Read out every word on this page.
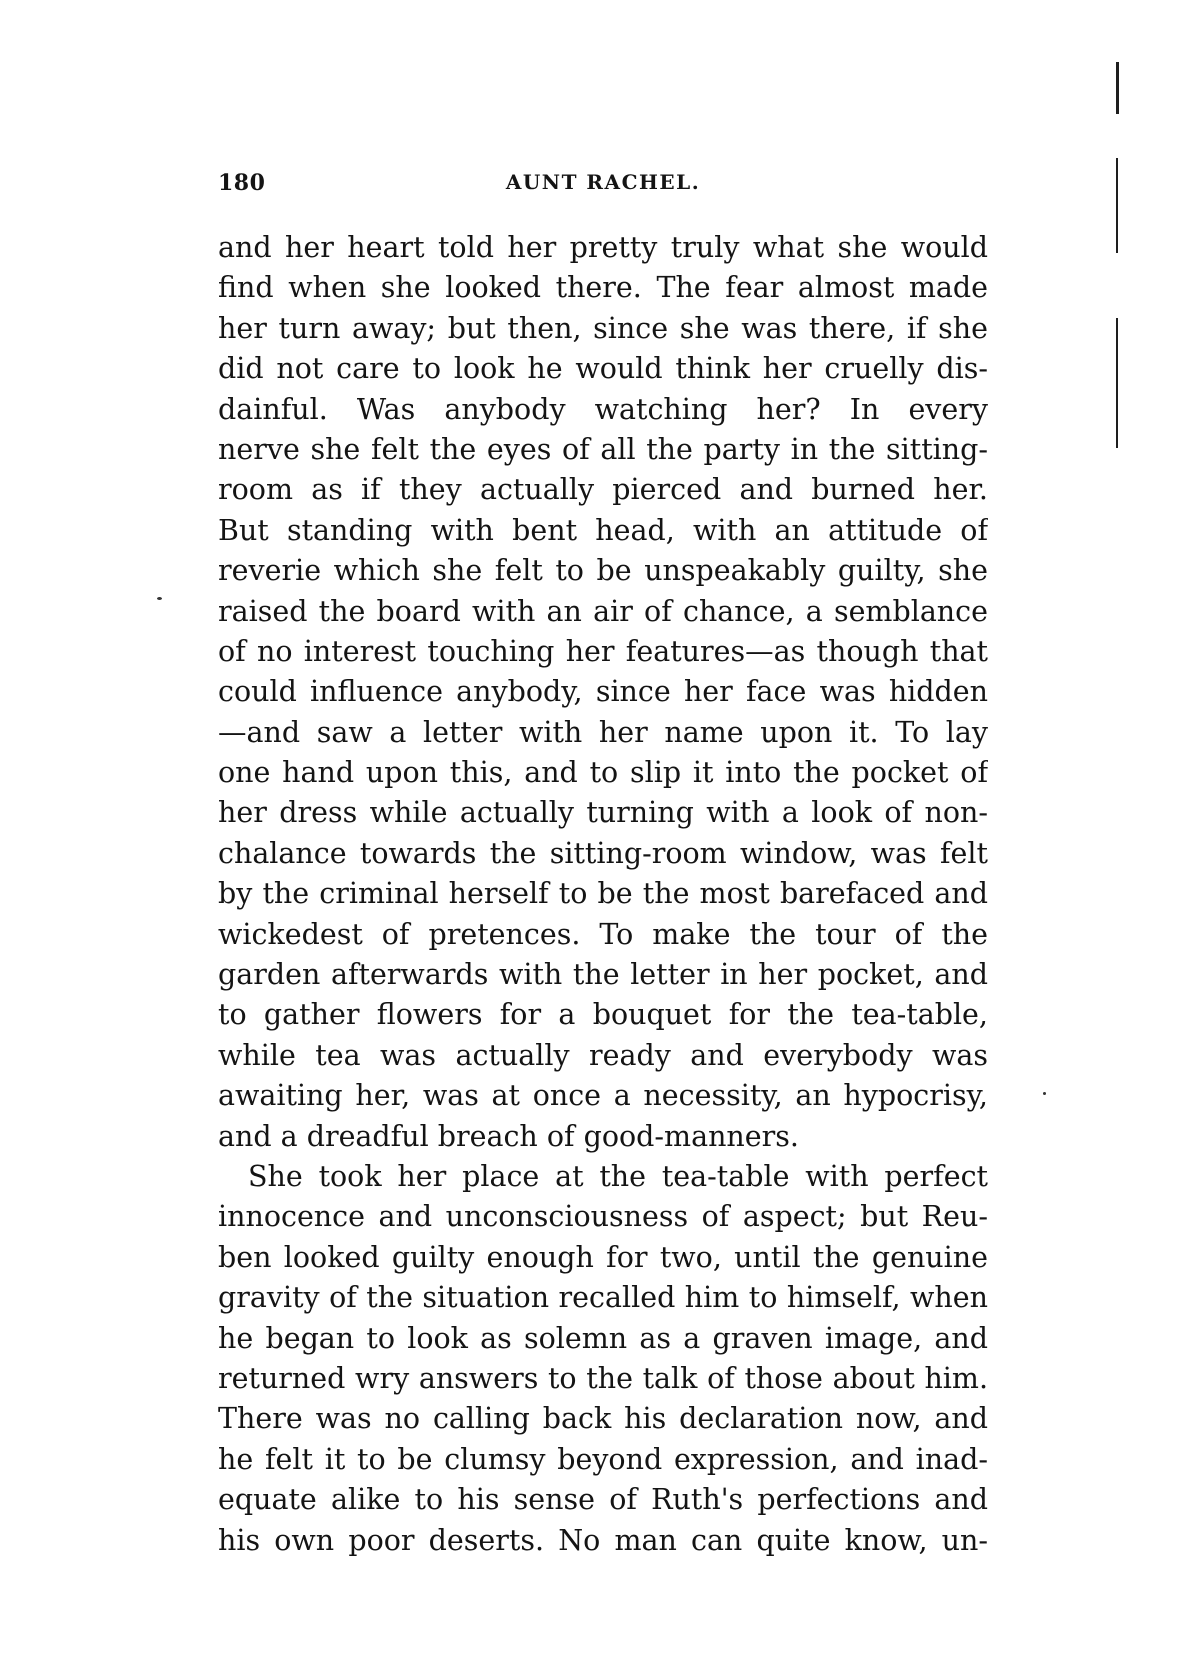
180	AUNT RACHEL.
and her heart told her pretty truly what she would
find when she looked there. The fear almost made
her turn away; but then, since she was there, if she
did not care to look he would think her cruelly dis-
dainful. Was anybody watching her? In every
nerve she felt the eyes of all the party in the sitting-
room as if they actually pierced and burned her.
But standing with bent head, with an attitude of
reverie which she felt to be unspeakably guilty, she
raised the board with an air of chance, a semblance
of no interest touching her features—as though that
could influence anybody, since her face was hidden
—and saw a letter with her name upon it. To lay
one hand upon this, and to slip it into the pocket of
her dress while actually turning with a look of non-
chalance towards the sitting-room window, was felt
by the criminal herself to be the most barefaced and
wickedest of pretences. To make the tour of the
garden afterwards with the letter in her pocket, and
to gather flowers for a bouquet for the tea-table,
while tea was actually ready and everybody was
awaiting her, was at once a necessity, an hypocrisy,
and a dreadful breach of good-manners.
She took her place at the tea-table with perfect
innocence and unconsciousness of aspect; but Reu-
ben looked guilty enough for two, until the genuine
gravity of the situation recalled him to himself, when
he began to look as solemn as a graven image, and
returned wry answers to the talk of those about him.
There was no calling back his declaration now, and
he felt it to be clumsy beyond expression, and inad-
equate alike to his sense of Ruth's perfections and
his own poor deserts. No man can quite know, un-
